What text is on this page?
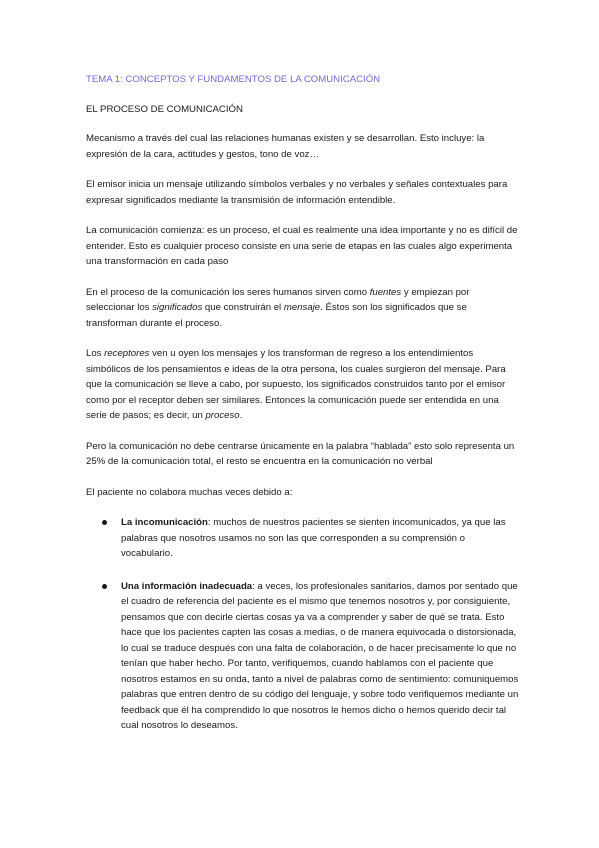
TEMA 1: CONCEPTOS Y FUNDAMENTOS DE LA COMUNICACIÓN
EL PROCESO DE COMUNICACIÓN

Mecanismo a través del cual las relaciones humanas existen y se desarrollan. Esto incluye: la expresión de la cara, actitudes y gestos, tono de voz…

El emisor inicia un mensaje utilizando símbolos verbales y no verbales y señales contextuales para expresar significados mediante la transmisión de información entendible.

La comunicación comienza: es un proceso, el cual es realmente una idea importante y no es difícil de entender. Esto es cualquier proceso consiste en una serie de etapas en las cuales algo experimenta una transformación en cada paso

En el proceso de la comunicación los seres humanos sirven como fuentes y empiezan por seleccionar los significados que construirán el mensaje. Éstos son los significados que se transforman durante el proceso.

Los receptores ven u oyen los mensajes y los transforman de regreso a los entendimientos simbólicos de los pensamientos e ideas de la otra persona, los cuales surgieron del mensaje. Para que la comunicación se lleve a cabo, por supuesto, los significados construidos tanto por el emisor como por el receptor deben ser similares. Entonces la comunicación puede ser entendida en una serie de pasos; es decir, un proceso.

Pero la comunicación no debe centrarse únicamente en la palabra “hablada” esto solo representa un 25% de la comunicación total, el resto se encuentra en la comunicación no verbal

El paciente no colabora muchas veces debido a:

La incomunicación: muchos de nuestros pacientes se sienten incomunicados, ya que las palabras que nosotros usamos no son las que corresponden a su comprensión o vocabulario.
Una información inadecuada: a veces, los profesionales sanitarios, damos por sentado que el cuadro de referencia del paciente es el mismo que tenemos nosotros y, por consiguiente, pensamos que con decirle ciertas cosas ya va a comprender y saber de qué se trata. Esto hace que los pacientes capten las cosas a medias, o de manera equivocada o distorsionada, lo cual se traduce después con una falta de colaboración, o de hacer precisamente lo que no tenían que haber hecho. Por tanto, verifiquemos, cuando hablamos con el paciente que nosotros estamos en su onda, tanto a nivel de palabras como de sentimiento: comuniquemos palabras que entren dentro de su código del lenguaje, y sobre todo verifiquemos mediante un feedback que él ha comprendido lo que nosotros le hemos dicho o hemos querido decir tal cual nosotros lo deseamos.
